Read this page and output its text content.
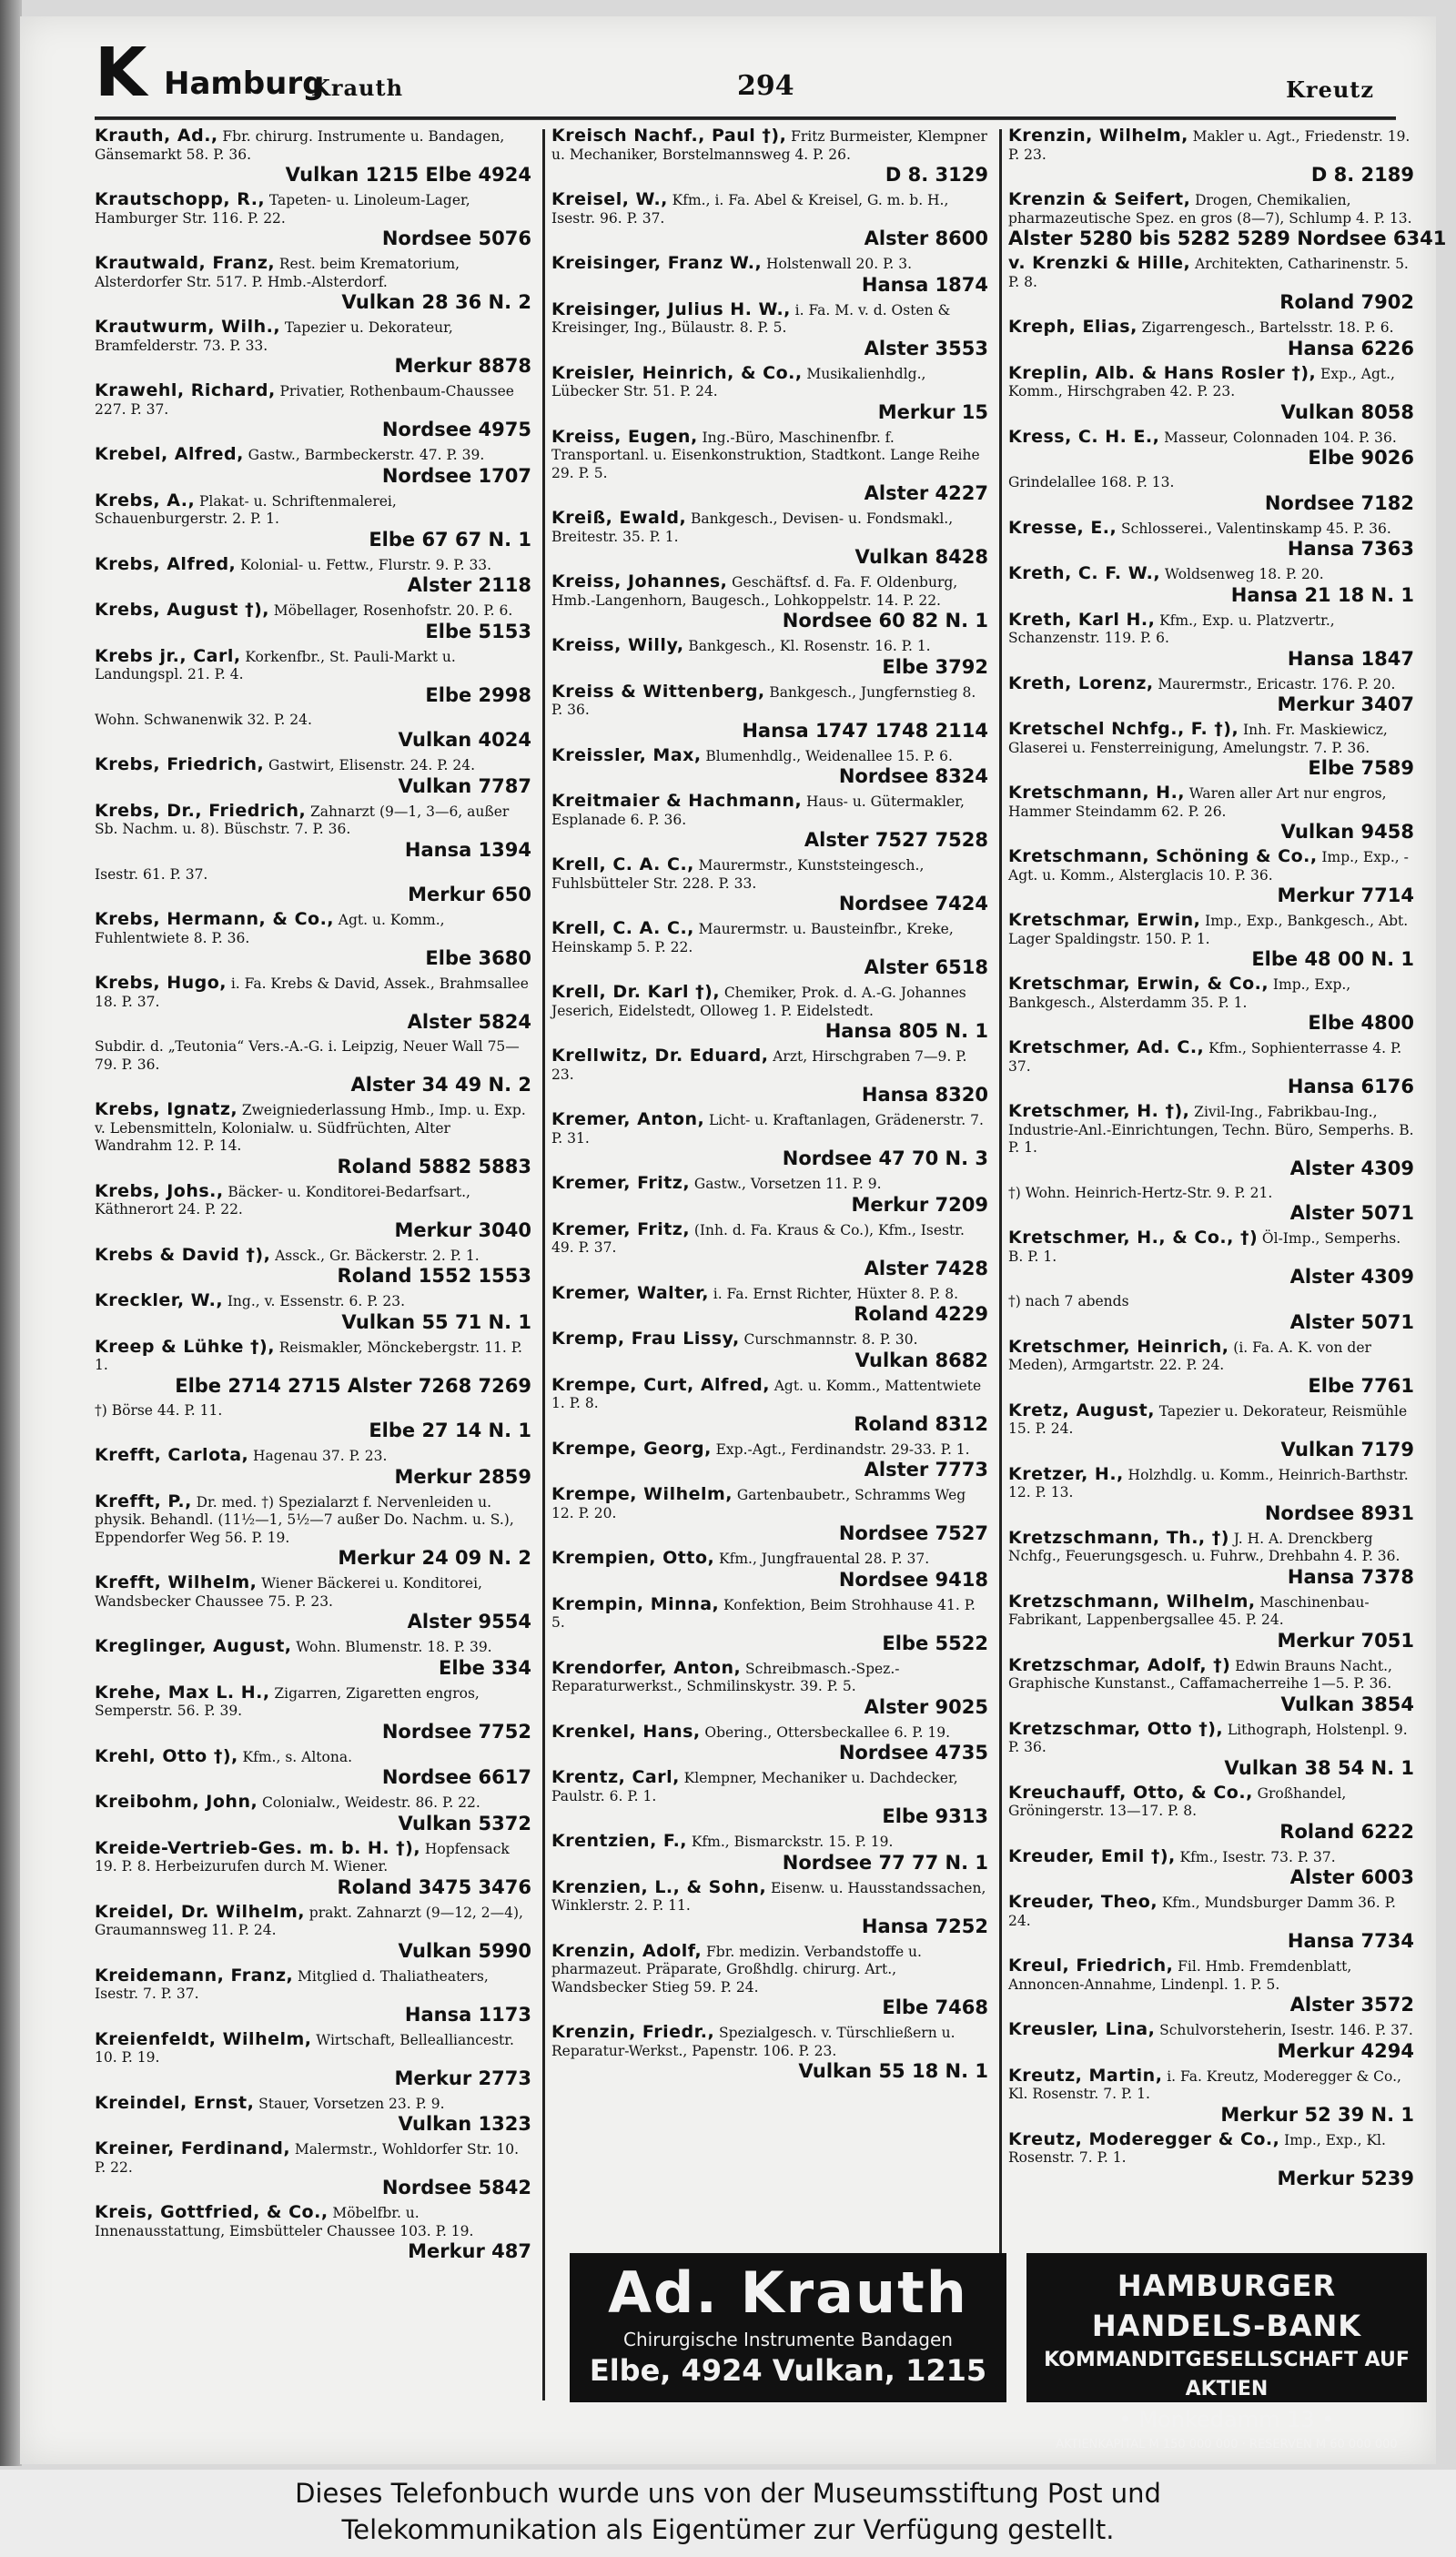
K Hamburg
Krauth	294	Kreutz
Krauth, Ad., Fbr. chirurg. Instrumente u. Bandagen, Gänsemarkt 58. P. 36.
Vulkan 1215 Elbe 4924
Krautschopp, R., Tapeten- u. Linoleum-Lager, Hamburger Str. 116. P. 22.
Nordsee 5076
Krautwald, Franz, Rest. beim Krematorium, Alsterdorfer Str. 517. P. Hmb.-Alsterdorf.
Vulkan 28 36 N. 2
Krautwurm, Wilh., Tapezier u. Dekorateur, Bramfelderstr. 73. P. 33.
Merkur 8878
Krawehl, Richard, Privatier, Rothenbaum-Chaussee 227. P. 37.
Nordsee 4975
Krebel, Alfred, Gastw., Barmbeckerstr. 47. P. 39.
Nordsee 1707
Krebs, A., Plakat- u. Schriftenmalerei, Schauenburgerstr. 2. P. 1.
Elbe 67 67 N. 1
Krebs, Alfred, Kolonial- u. Fettw., Flurstr. 9. P. 33.
Alster 2118
Krebs, August †), Möbellager, Rosenhofstr. 20. P. 6.
Elbe 5153
Krebs jr., Carl, Korkenfbr., St. Pauli-Markt u. Landungspl. 21. P. 4.
Elbe 2998
Wohn. Schwanenwik 32. P. 24.
Vulkan 4024
Krebs, Friedrich, Gastwirt, Elisenstr. 24. P. 24.
Vulkan 7787
Krebs, Dr., Friedrich, Zahnarzt (9—1, 3—6, außer Sb. Nachm. u. 8). Büschstr. 7. P. 36.
Hansa 1394
Isestr. 61. P. 37.
Merkur 650
Krebs, Hermann, & Co., Agt. u. Komm., Fuhlentwiete 8. P. 36.
Elbe 3680
Krebs, Hugo, i. Fa. Krebs & David, Assek., Brahmsallee 18. P. 37.
Alster 5824
Subdir. d. „Teutonia“ Vers.-A.-G. i. Leipzig, Neuer Wall 75—79. P. 36.
Alster 34 49 N. 2
Krebs, Ignatz, Zweigniederlassung Hmb., Imp. u. Exp. v. Lebensmitteln, Kolonialw. u. Südfrüchten, Alter Wandrahm 12. P. 14.
Roland 5882 5883
Krebs, Johs., Bäcker- u. Konditorei-Bedarfsart., Käthnerort 24. P. 22.
Merkur 3040
Krebs & David †), Assck., Gr. Bäckerstr. 2. P. 1.
Roland 1552 1553
Kreckler, W., Ing., v. Essenstr. 6. P. 23.
Vulkan 55 71 N. 1
Kreep & Lühke †), Reismakler, Mönckebergstr. 11. P. 1.
Elbe 2714 2715 Alster 7268 7269
†) Börse 44. P. 11.
Elbe 27 14 N. 1
Krefft, Carlota, Hagenau 37. P. 23.
Merkur 2859
Krefft, P., Dr. med. †) Spezialarzt f. Nervenleiden u. physik. Behandl. (11½—1, 5½—7 außer Do. Nachm. u. S.), Eppendorfer Weg 56. P. 19.
Merkur 24 09 N. 2
Krefft, Wilhelm, Wiener Bäckerei u. Konditorei, Wandsbecker Chaussee 75. P. 23.
Alster 9554
Kreglinger, August, Wohn. Blumenstr. 18. P. 39.
Elbe 334
Krehe, Max L. H., Zigarren, Zigaretten engros, Semperstr. 56. P. 39.
Nordsee 7752
Krehl, Otto †), Kfm., s. Altona.
Nordsee 6617
Kreibohm, John, Colonialw., Weidestr. 86. P. 22.
Vulkan 5372
Kreide-Vertrieb-Ges. m. b. H. †), Hopfensack 19. P. 8. Herbeizurufen durch M. Wiener.
Roland 3475 3476
Kreidel, Dr. Wilhelm, prakt. Zahnarzt (9—12, 2—4), Graumannsweg 11. P. 24.
Vulkan 5990
Kreidemann, Franz, Mitglied d. Thaliatheaters, Isestr. 7. P. 37.
Hansa 1173
Kreienfeldt, Wilhelm, Wirtschaft, Bellealliancestr. 10. P. 19.
Merkur 2773
Kreindel, Ernst, Stauer, Vorsetzen 23. P. 9.
Vulkan 1323
Kreiner, Ferdinand, Malermstr., Wohldorfer Str. 10. P. 22.
Nordsee 5842
Kreis, Gottfried, & Co., Möbelfbr. u. Innenausstattung, Eimsbütteler Chaussee 103. P. 19.
Merkur 487
Kreisch Nachf., Paul †), Fritz Burmeister, Klempner u. Mechaniker, Borstelmannsweg 4. P. 26.
D 8. 3129
Kreisel, W., Kfm., i. Fa. Abel & Kreisel, G. m. b. H., Isestr. 96. P. 37.
Alster 8600
Kreisinger, Franz W., Holstenwall 20. P. 3.
Hansa 1874
Kreisinger, Julius H. W., i. Fa. M. v. d. Osten & Kreisinger, Ing., Bülaustr. 8. P. 5.
Alster 3553
Kreisler, Heinrich, & Co., Musikalienhdlg., Lübecker Str. 51. P. 24.
Merkur 15
Kreiss, Eugen, Ing.-Büro, Maschinenfbr. f. Transportanl. u. Eisenkonstruktion, Stadtkont. Lange Reihe 29. P. 5.
Alster 4227
Kreiß, Ewald, Bankgesch., Devisen- u. Fondsmakl., Breitestr. 35. P. 1.
Vulkan 8428
Kreiss, Johannes, Geschäftsf. d. Fa. F. Oldenburg, Hmb.-Langenhorn, Baugesch., Lohkoppelstr. 14. P. 22.
Nordsee 60 82 N. 1
Kreiss, Willy, Bankgesch., Kl. Rosenstr. 16. P. 1.
Elbe 3792
Kreiss & Wittenberg, Bankgesch., Jungfernstieg 8. P. 36.
Hansa 1747 1748 2114
Kreissler, Max, Blumenhdlg., Weidenallee 15. P. 6.
Nordsee 8324
Kreitmaier & Hachmann, Haus- u. Gütermakler, Esplanade 6. P. 36.
Alster 7527 7528
Krell, C. A. C., Maurermstr., Kunststeingesch., Fuhlsbütteler Str. 228. P. 33.
Nordsee 7424
Krell, C. A. C., Maurermstr. u. Bausteinfbr., Kreke, Heinskamp 5. P. 22.
Alster 6518
Krell, Dr. Karl †), Chemiker, Prok. d. A.-G. Johannes Jeserich, Eidelstedt, Olloweg 1. P. Eidelstedt.
Hansa 805 N. 1
Krellwitz, Dr. Eduard, Arzt, Hirschgraben 7—9. P. 23.
Hansa 8320
Kremer, Anton, Licht- u. Kraftanlagen, Grädenerstr. 7. P. 31.
Nordsee 47 70 N. 3
Kremer, Fritz, Gastw., Vorsetzen 11. P. 9.
Merkur 7209
Kremer, Fritz, (Inh. d. Fa. Kraus & Co.), Kfm., Isestr. 49. P. 37.
Alster 7428
Kremer, Walter, i. Fa. Ernst Richter, Hüxter 8. P. 8.
Roland 4229
Kremp, Frau Lissy, Curschmannstr. 8. P. 30.
Vulkan 8682
Krempe, Curt, Alfred, Agt. u. Komm., Mattentwiete 1. P. 8.
Roland 8312
Krempe, Georg, Exp.-Agt., Ferdinandstr. 29-33. P. 1.
Alster 7773
Krempe, Wilhelm, Gartenbaubetr., Schramms Weg 12. P. 20.
Nordsee 7527
Krempien, Otto, Kfm., Jungfrauental 28. P. 37.
Nordsee 9418
Krempin, Minna, Konfektion, Beim Strohhause 41. P. 5.
Elbe 5522
Krendorfer, Anton, Schreibmasch.-Spez.-Reparaturwerkst., Schmilinskystr. 39. P. 5.
Alster 9025
Krenkel, Hans, Obering., Ottersbeckallee 6. P. 19.
Nordsee 4735
Krentz, Carl, Klempner, Mechaniker u. Dachdecker, Paulstr. 6. P. 1.
Elbe 9313
Krentzien, F., Kfm., Bismarckstr. 15. P. 19.
Nordsee 77 77 N. 1
Krenzien, L., & Sohn, Eisenw. u. Hausstandssachen, Winklerstr. 2. P. 11.
Hansa 7252
Krenzin, Adolf, Fbr. medizin. Verbandstoffe u. pharmazeut. Präparate, Großhdlg. chirurg. Art., Wandsbecker Stieg 59. P. 24.
Elbe 7468
Krenzin, Friedr., Spezialgesch. v. Türschließern u. Reparatur-Werkst., Papenstr. 106. P. 23.
Vulkan 55 18 N. 1
Krenzin, Wilhelm, Makler u. Agt., Friedenstr. 19. P. 23.
D 8. 2189
Krenzin & Seifert, Drogen, Chemikalien, pharmazeutische Spez. en gros (8—7), Schlump 4. P. 13.
Alster 5280 bis 5282 5289 Nordsee 6341
v. Krenzki & Hille, Architekten, Catharinenstr. 5. P. 8.
Roland 7902
Kreph, Elias, Zigarrengesch., Bartelsstr. 18. P. 6.
Hansa 6226
Kreplin, Alb. & Hans Rosler †), Exp., Agt., Komm., Hirschgraben 42. P. 23.
Vulkan 8058
Kress, C. H. E., Masseur, Colonnaden 104. P. 36.
Elbe 9026
Grindelallee 168. P. 13.
Nordsee 7182
Kresse, E., Schlosserei., Valentinskamp 45. P. 36.
Hansa 7363
Kreth, C. F. W., Woldsenweg 18. P. 20.
Hansa 21 18 N. 1
Kreth, Karl H., Kfm., Exp. u. Platzvertr., Schanzenstr. 119. P. 6.
Hansa 1847
Kreth, Lorenz, Maurermstr., Ericastr. 176. P. 20.
Merkur 3407
Kretschel Nchfg., F. †), Inh. Fr. Maskiewicz, Glaserei u. Fensterreinigung, Amelungstr. 7. P. 36.
Elbe 7589
Kretschmann, H., Waren aller Art nur engros, Hammer Steindamm 62. P. 26.
Vulkan 9458
Kretschmann, Schöning & Co., Imp., Exp., -Agt. u. Komm., Alsterglacis 10. P. 36.
Merkur 7714
Kretschmar, Erwin, Imp., Exp., Bankgesch., Abt. Lager Spaldingstr. 150. P. 1.
Elbe 48 00 N. 1
Kretschmar, Erwin, & Co., Imp., Exp., Bankgesch., Alsterdamm 35. P. 1.
Elbe 4800
Kretschmer, Ad. C., Kfm., Sophienterrasse 4. P. 37.
Hansa 6176
Kretschmer, H. †), Zivil-Ing., Fabrikbau-Ing., Industrie-Anl.-Einrichtungen, Techn. Büro, Semperhs. B. P. 1.
Alster 4309
†) Wohn. Heinrich-Hertz-Str. 9. P. 21.
Alster 5071
Kretschmer, H., & Co., †) Öl-Imp., Semperhs. B. P. 1.
Alster 4309
†) nach 7 abends
Alster 5071
Kretschmer, Heinrich, (i. Fa. A. K. von der Meden), Armgartstr. 22. P. 24.
Elbe 7761
Kretz, August, Tapezier u. Dekorateur, Reismühle 15. P. 24.
Vulkan 7179
Kretzer, H., Holzhdlg. u. Komm., Heinrich-Barthstr. 12. P. 13.
Nordsee 8931
Kretzschmann, Th., †) J. H. A. Drenckberg Nchfg., Feuerungsgesch. u. Fuhrw., Drehbahn 4. P. 36.
Hansa 7378
Kretzschmann, Wilhelm, Maschinenbau-Fabrikant, Lappenbergsallee 45. P. 24.
Merkur 7051
Kretzschmar, Adolf, †) Edwin Brauns Nacht., Graphische Kunstanst., Caffamacherreihe 1—5. P. 36.
Vulkan 3854
Kretzschmar, Otto †), Lithograph, Holstenpl. 9. P. 36.
Vulkan 38 54 N. 1
Kreuchauff, Otto, & Co., Großhandel, Gröningerstr. 13—17. P. 8.
Roland 6222
Kreuder, Emil †), Kfm., Isestr. 73. P. 37.
Alster 6003
Kreuder, Theo, Kfm., Mundsburger Damm 36. P. 24.
Hansa 7734
Kreul, Friedrich, Fil. Hmb. Fremdenblatt, Annoncen-Annahme, Lindenpl. 1. P. 5.
Alster 3572
Kreusler, Lina, Schulvorsteherin, Isestr. 146. P. 37.
Merkur 4294
Kreutz, Martin, i. Fa. Kreutz, Moderegger & Co., Kl. Rosenstr. 7. P. 1.
Merkur 52 39 N. 1
Kreutz, Moderegger & Co., Imp., Exp., Kl. Rosenstr. 7. P. 1.
Merkur 5239
Ad. Krauth
Chirurgische Instrumente Bandagen
Elbe, 4924 Vulkan, 1215
HAMBURGER HANDELS-BANK
KOMMANDITGESELLSCHAFT AUF AKTIEN
• Monkedamm 13 •
AKTIENKAPITAL M 150 000 000 · RESERVEN M 60 000 000
Dieses Telefonbuch wurde uns von der Museumsstiftung Post und
Telekommunikation als Eigentümer zur Verfügung gestellt.
